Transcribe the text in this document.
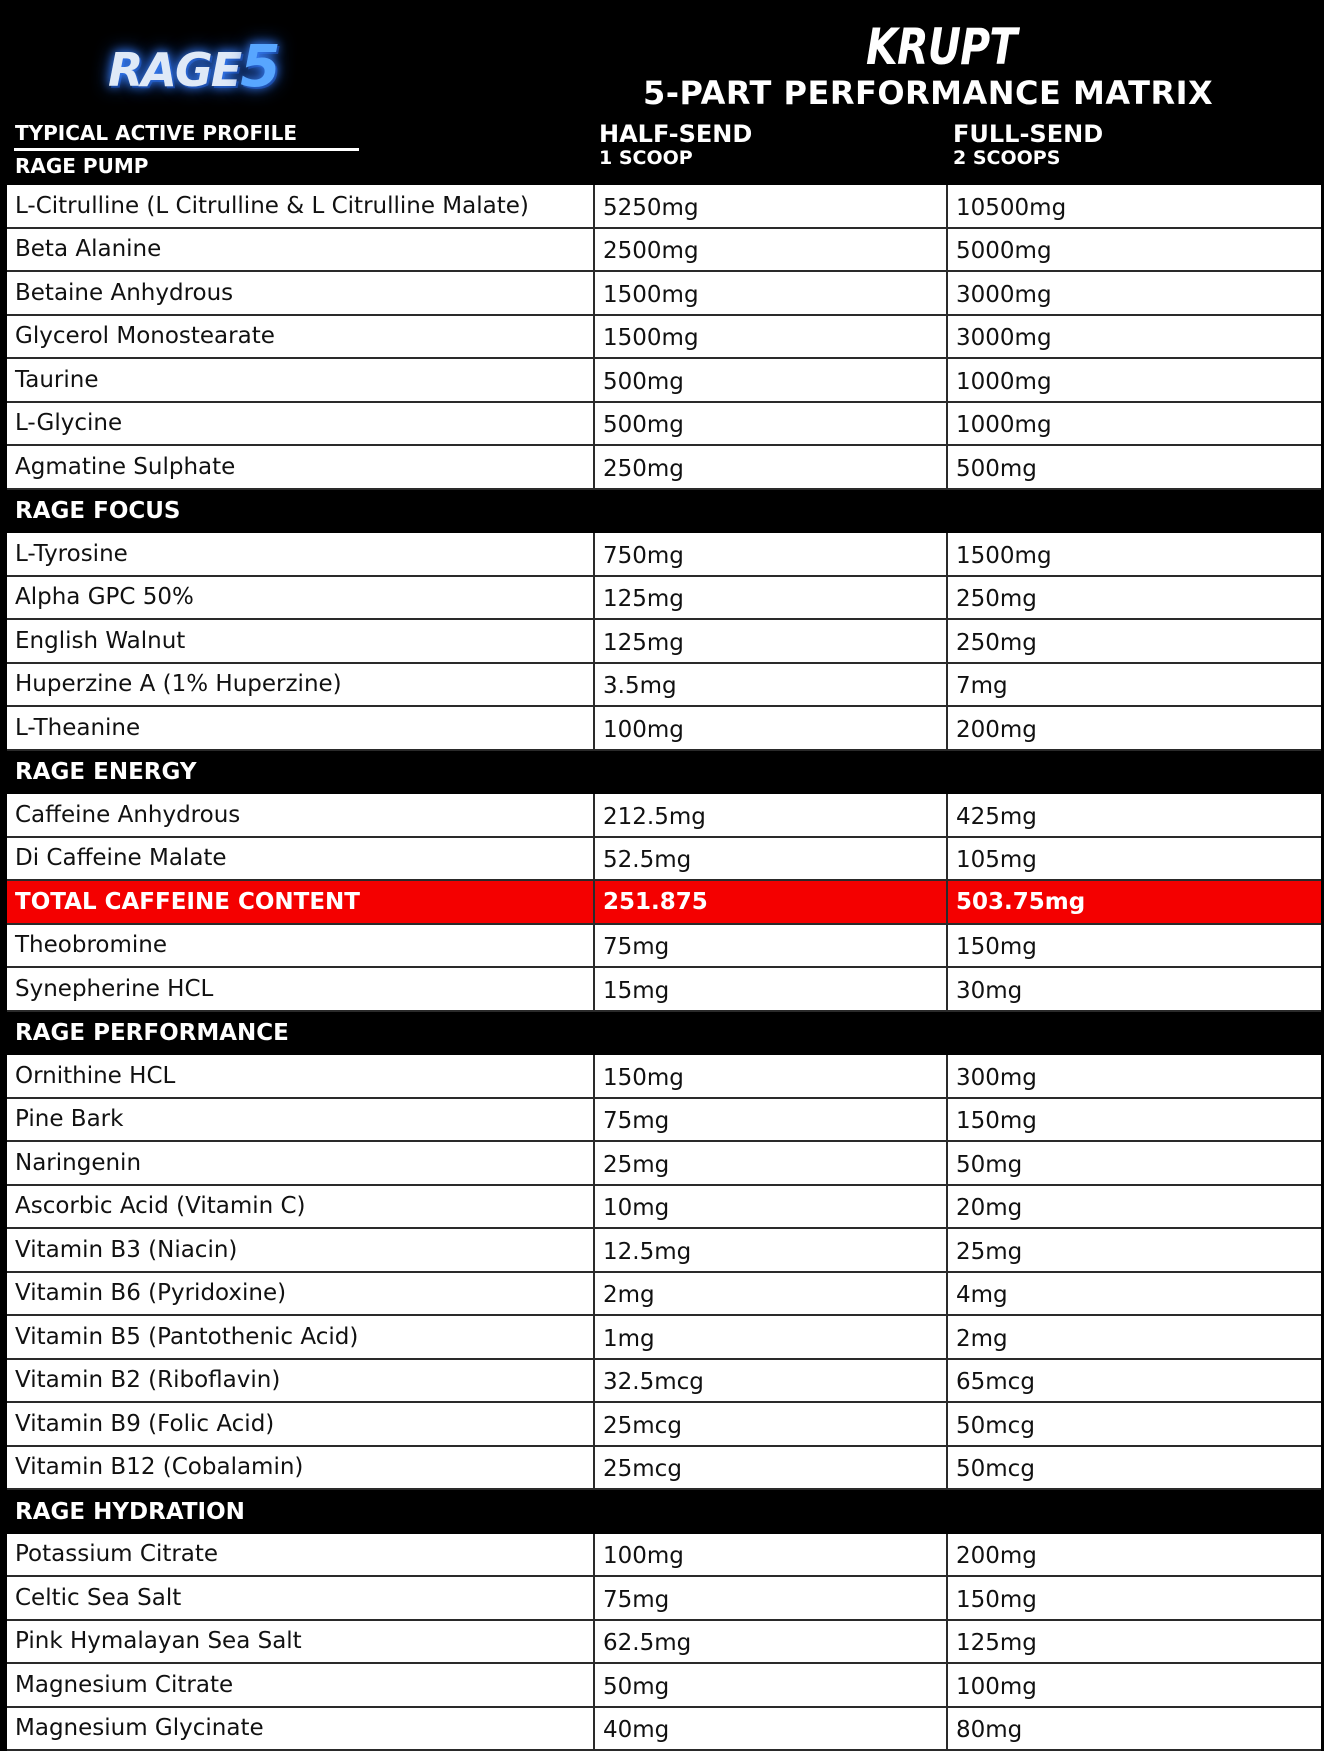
RAGE5	KRUPT
5-PART PERFORMANCE MATRIX
TYPICAL ACTIVE PROFILE
RAGE PUMP
HALF-SEND
1 SCOOP
FULL-SEND
2 SCOOPS
L-Citrulline (L Citrulline & L Citrulline Malate)	5250mg	10500mg
Beta Alanine	2500mg	5000mg
Betaine Anhydrous	1500mg	3000mg
Glycerol Monostearate	1500mg	3000mg
Taurine	500mg	1000mg
L-Glycine	500mg	1000mg
Agmatine Sulphate	250mg	500mg
RAGE FOCUS
L-Tyrosine	750mg	1500mg
Alpha GPC 50%	125mg	250mg
English Walnut	125mg	250mg
Huperzine A (1% Huperzine)	3.5mg	7mg
L-Theanine	100mg	200mg
RAGE ENERGY
Caffeine Anhydrous	212.5mg	425mg
Di Caffeine Malate	52.5mg	105mg
TOTAL CAFFEINE CONTENT	251.875	503.75mg
Theobromine	75mg	150mg
Synepherine HCL	15mg	30mg
RAGE PERFORMANCE
Ornithine HCL	150mg	300mg
Pine Bark	75mg	150mg
Naringenin	25mg	50mg
Ascorbic Acid (Vitamin C)	10mg	20mg
Vitamin B3 (Niacin)	12.5mg	25mg
Vitamin B6 (Pyridoxine)	2mg	4mg
Vitamin B5 (Pantothenic Acid)	1mg	2mg
Vitamin B2 (Riboflavin)	32.5mcg	65mcg
Vitamin B9 (Folic Acid)	25mcg	50mcg
Vitamin B12 (Cobalamin)	25mcg	50mcg
RAGE HYDRATION
Potassium Citrate	100mg	200mg
Celtic Sea Salt	75mg	150mg
Pink Hymalayan Sea Salt	62.5mg	125mg
Magnesium Citrate	50mg	100mg
Magnesium Glycinate	40mg	80mg
